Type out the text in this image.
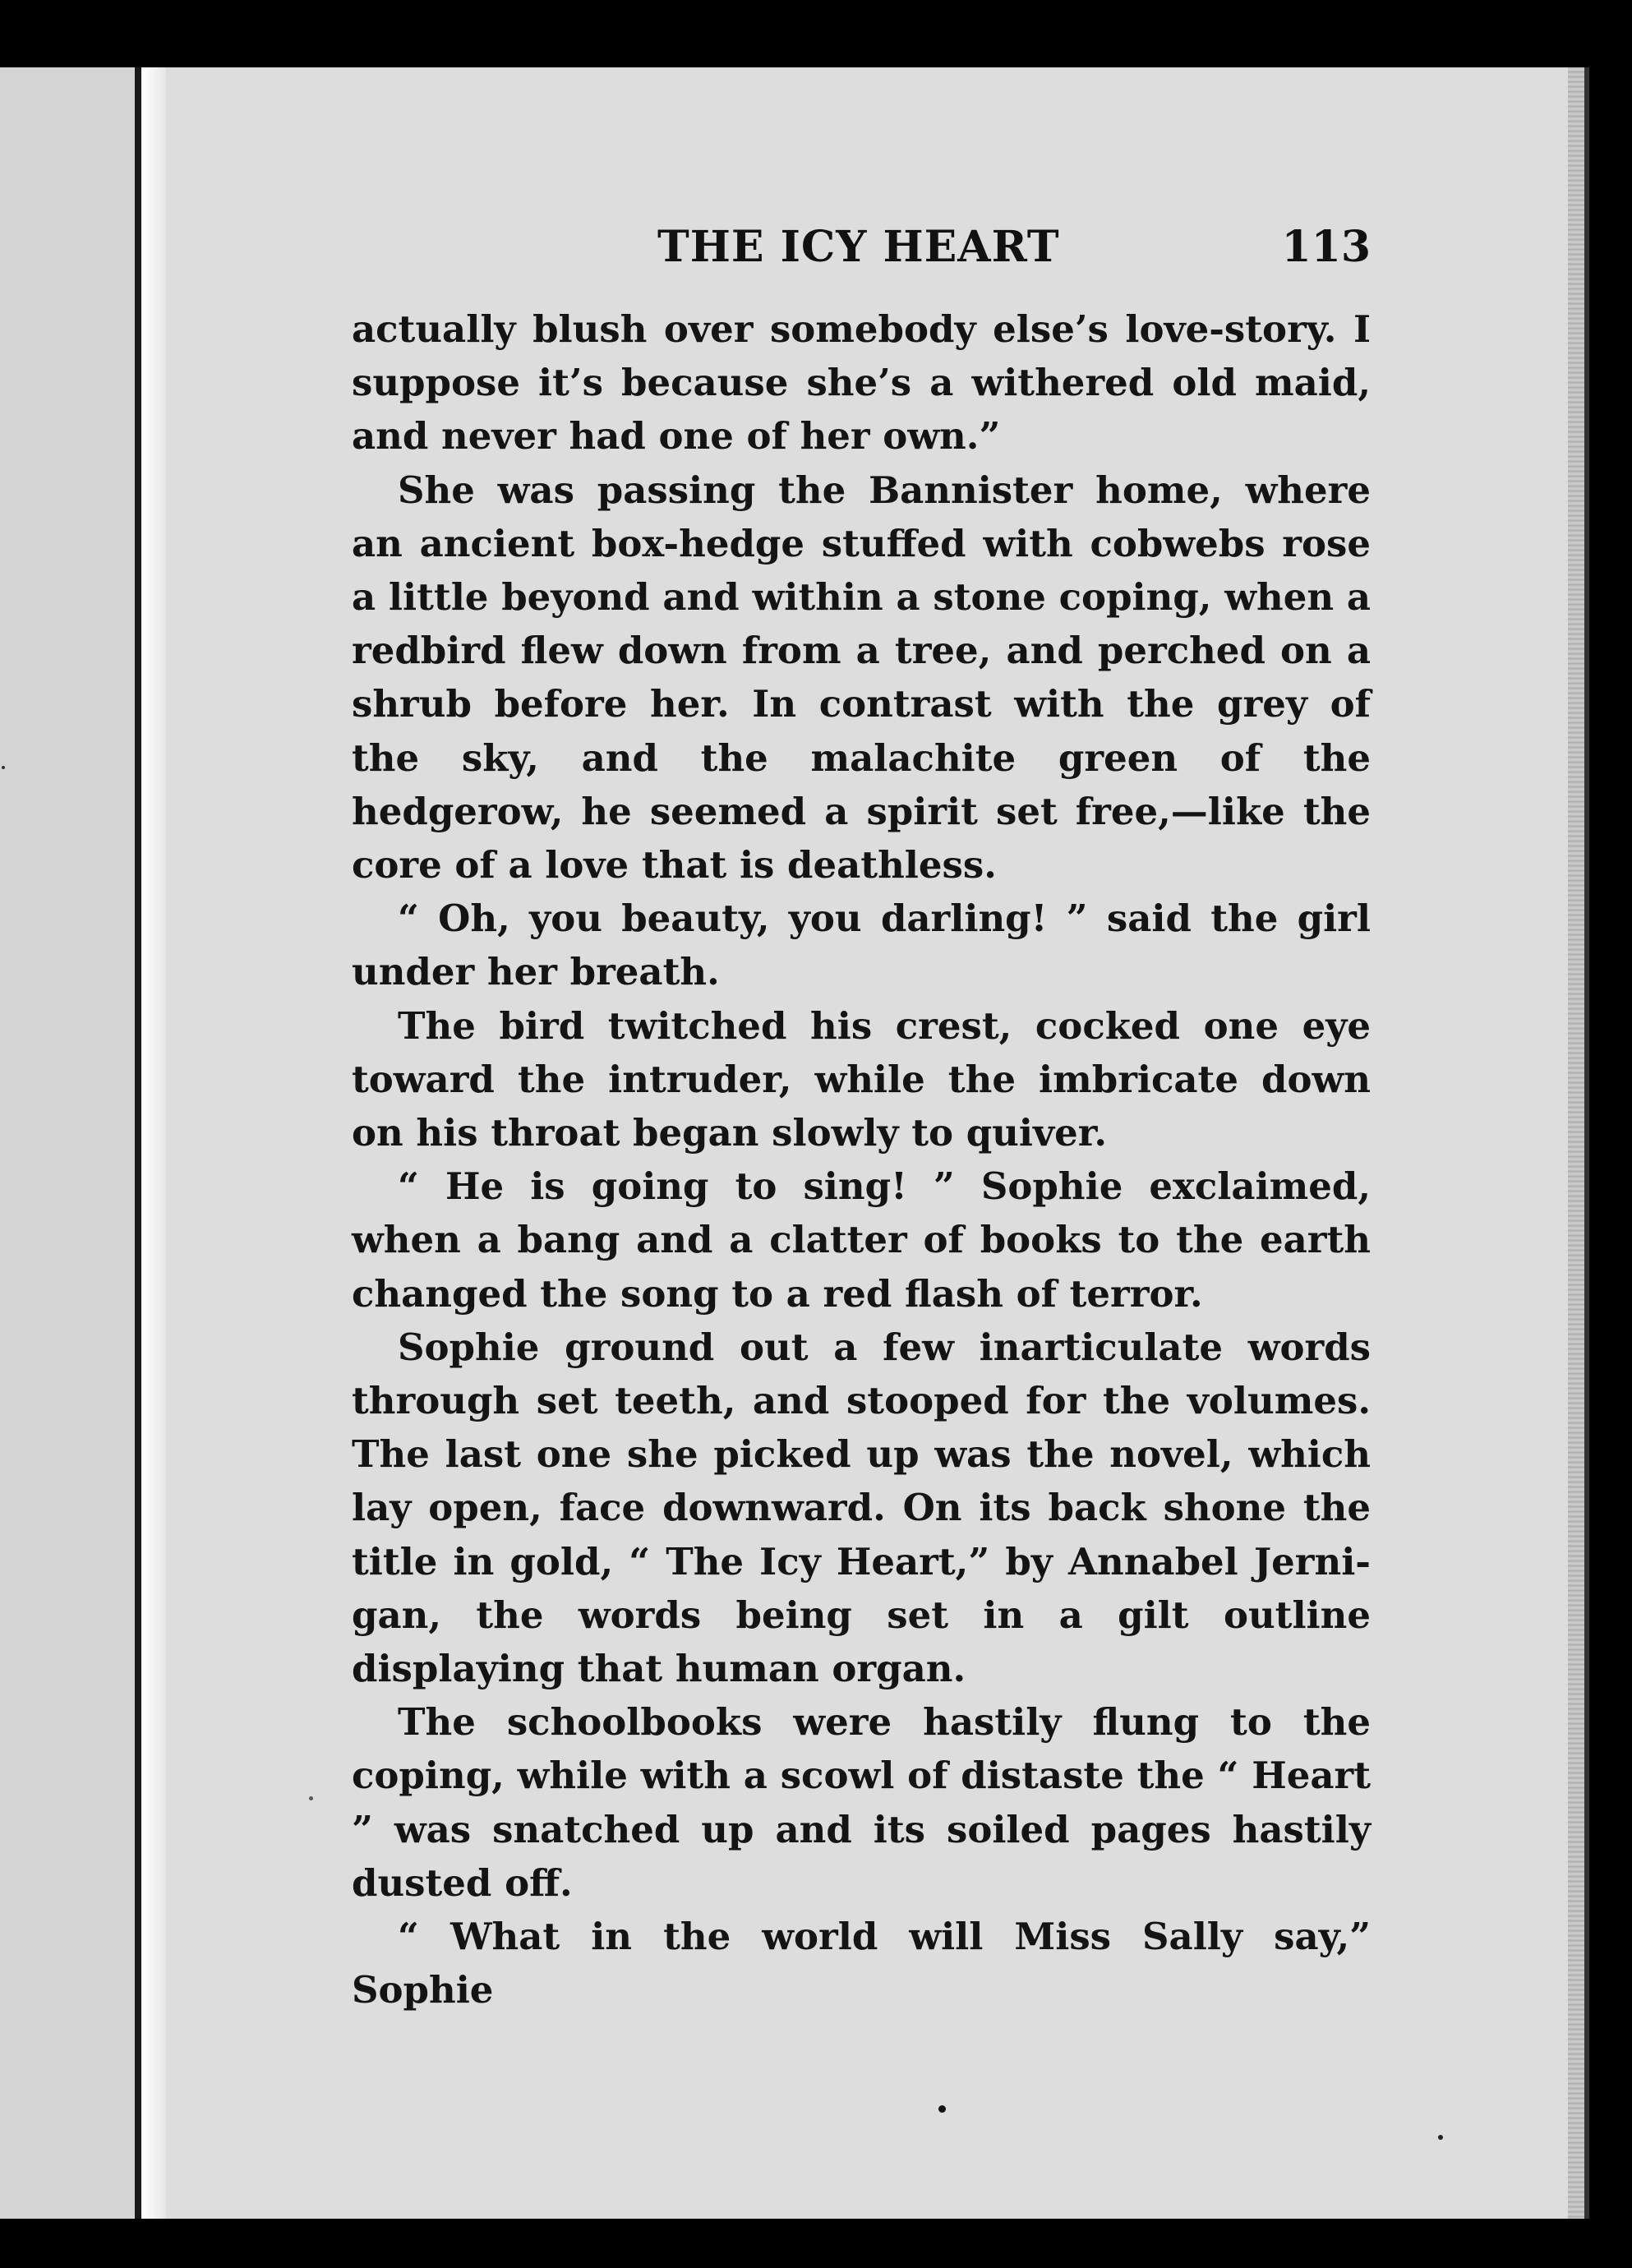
THE ICY HEART	113

actually blush over somebody else’s love-story. I suppose it’s because she’s a withered old maid, and never had one of her own.”

She was passing the Bannister home, where an ancient box-hedge stuffed with cobwebs rose a little beyond and within a stone coping, when a redbird flew down from a tree, and perched on a shrub before her. In contrast with the grey of the sky, and the malachite green of the hedgerow, he seemed a spirit set free,—like the core of a love that is deathless.

“ Oh, you beauty, you darling! ” said the girl under her breath.

The bird twitched his crest, cocked one eye toward the intruder, while the imbricate down on his throat began slowly to quiver.

“ He is going to sing! ” Sophie exclaimed, when a bang and a clatter of books to the earth changed the song to a red flash of terror.

Sophie ground out a few inarticulate words through set teeth, and stooped for the volumes. The last one she picked up was the novel, which lay open, face downward. On its back shone the title in gold, “ The Icy Heart,” by Annabel Jerni-gan, the words being set in a gilt outline displaying that human organ.

The schoolbooks were hastily flung to the coping, while with a scowl of distaste the “ Heart ” was snatched up and its soiled pages hastily dusted off.

“ What in the world will Miss Sally say,” Sophie
